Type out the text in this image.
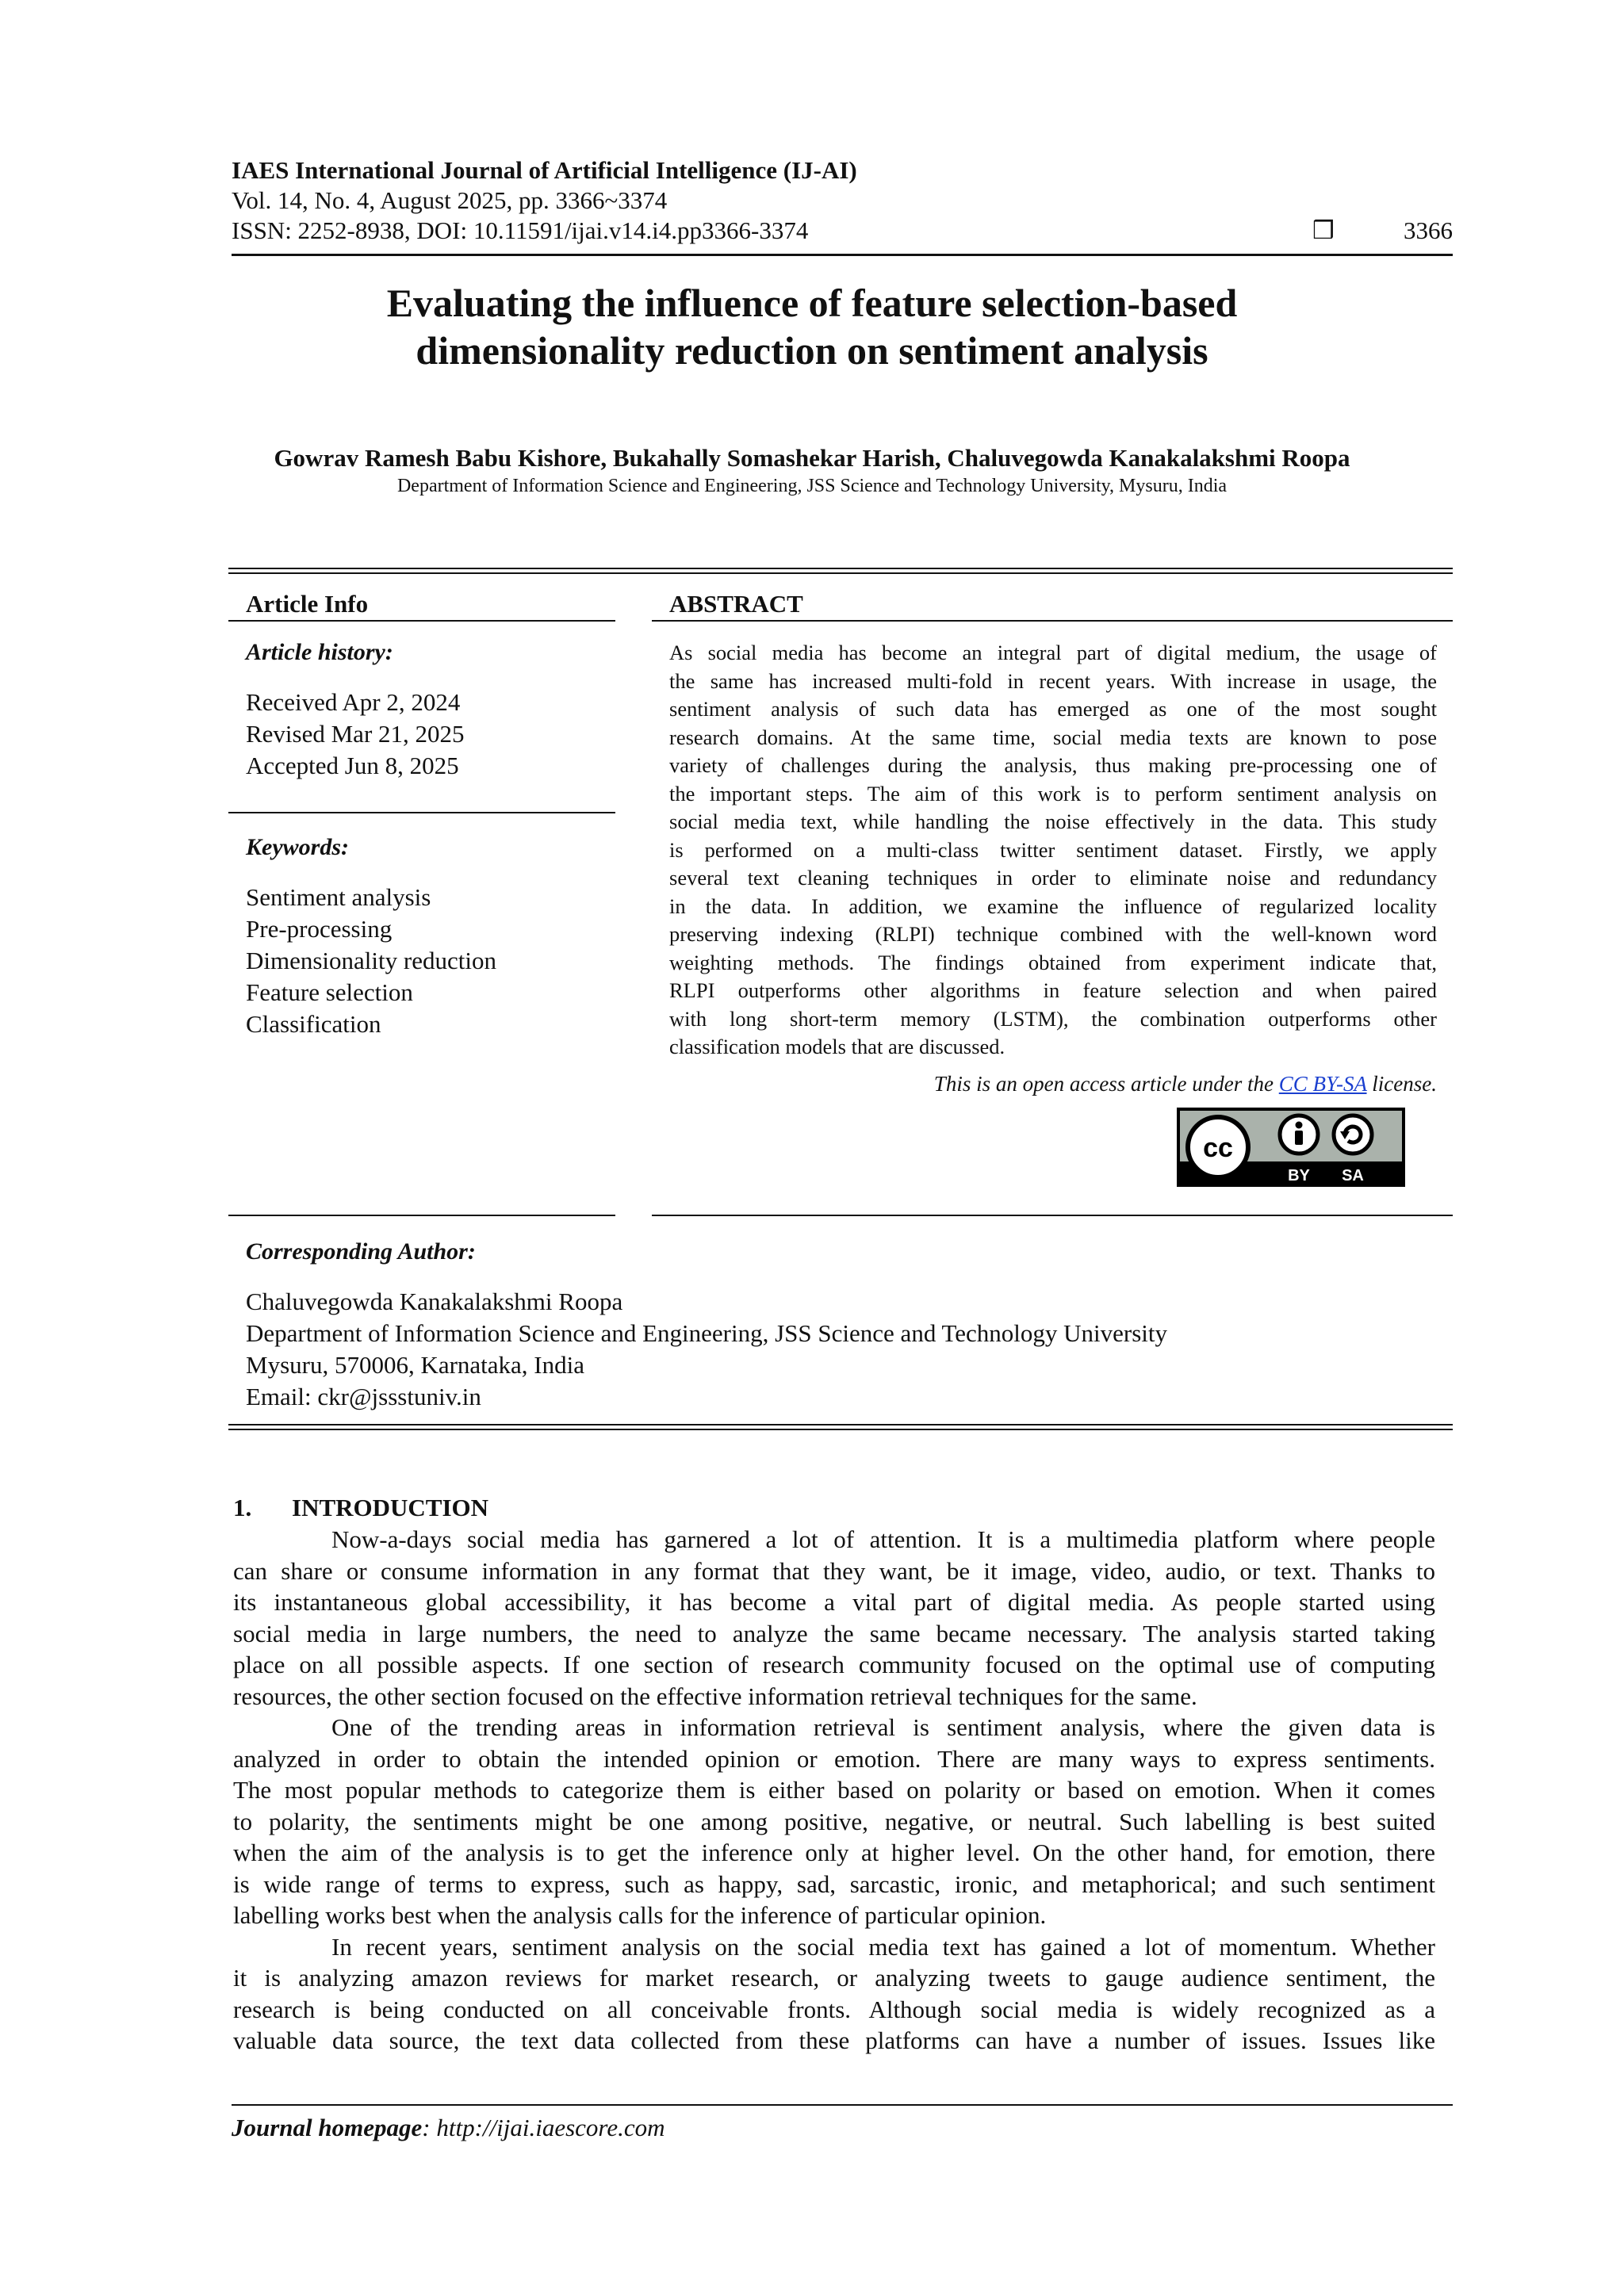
IAES International Journal of Artificial Intelligence (IJ-AI)
Vol. 14, No. 4, August 2025, pp. 3366~3374
ISSN: 2252-8938, DOI: 10.11591/ijai.v14.i4.pp3366-3374	❒	3366
Evaluating the influence of feature selection-based
dimensionality reduction on sentiment analysis
Gowrav Ramesh Babu Kishore, Bukahally Somashekar Harish, Chaluvegowda Kanakalakshmi Roopa
Department of Information Science and Engineering, JSS Science and Technology University, Mysuru, India
Article Info
Article history:
Received Apr 2, 2024
Revised Mar 21, 2025
Accepted Jun 8, 2025
Keywords:
Sentiment analysis
Pre-processing
Dimensionality reduction
Feature selection
Classification
ABSTRACT
As social media has become an integral part of digital medium, the usage of
the same has increased multi-fold in recent years. With increase in usage, the
sentiment analysis of such data has emerged as one of the most sought
research domains. At the same time, social media texts are known to pose
variety of challenges during the analysis, thus making pre-processing one of
the important steps. The aim of this work is to perform sentiment analysis on
social media text, while handling the noise effectively in the data. This study
is performed on a multi-class twitter sentiment dataset. Firstly, we apply
several text cleaning techniques in order to eliminate noise and redundancy
in the data. In addition, we examine the influence of regularized locality
preserving indexing (RLPI) technique combined with the well-known word
weighting methods. The findings obtained from experiment indicate that,
RLPI outperforms other algorithms in feature selection and when paired
with long short-term memory (LSTM), the combination outperforms other
classification models that are discussed.
This is an open access article under the CC BY-SA license.
cc
BY SA
Corresponding Author:
Chaluvegowda Kanakalakshmi Roopa
Department of Information Science and Engineering, JSS Science and Technology University
Mysuru, 570006, Karnataka, India
Email: ckr@jssstuniv.in
1. INTRODUCTION
Now-a-days social media has garnered a lot of attention. It is a multimedia platform where people
can share or consume information in any format that they want, be it image, video, audio, or text. Thanks to
its instantaneous global accessibility, it has become a vital part of digital media. As people started using
social media in large numbers, the need to analyze the same became necessary. The analysis started taking
place on all possible aspects. If one section of research community focused on the optimal use of computing
resources, the other section focused on the effective information retrieval techniques for the same.
One of the trending areas in information retrieval is sentiment analysis, where the given data is
analyzed in order to obtain the intended opinion or emotion. There are many ways to express sentiments.
The most popular methods to categorize them is either based on polarity or based on emotion. When it comes
to polarity, the sentiments might be one among positive, negative, or neutral. Such labelling is best suited
when the aim of the analysis is to get the inference only at higher level. On the other hand, for emotion, there
is wide range of terms to express, such as happy, sad, sarcastic, ironic, and metaphorical; and such sentiment
labelling works best when the analysis calls for the inference of particular opinion.
In recent years, sentiment analysis on the social media text has gained a lot of momentum. Whether
it is analyzing amazon reviews for market research, or analyzing tweets to gauge audience sentiment, the
research is being conducted on all conceivable fronts. Although social media is widely recognized as a
valuable data source, the text data collected from these platforms can have a number of issues. Issues like
Journal homepage: http://ijai.iaescore.com
